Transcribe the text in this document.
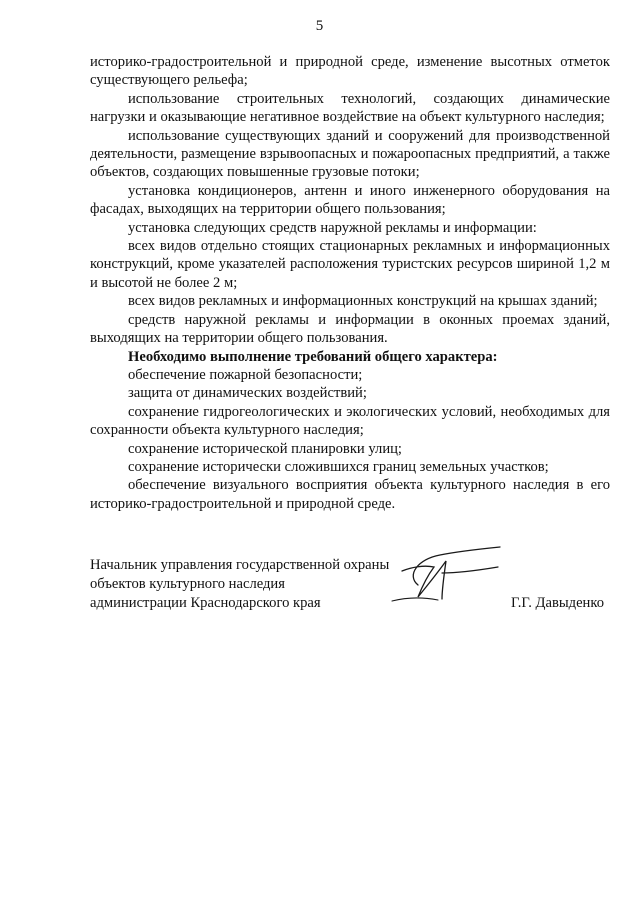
5

историко-градостроительной и природной среде, изменение высотных отметок существующего рельефа;

использование строительных технологий, создающих динамические нагрузки и оказывающие негативное воздействие на объект культурного наследия;

использование существующих зданий и сооружений для производственной деятельности, размещение взрывоопасных и пожароопасных предприятий, а также объектов, создающих повышенные грузовые потоки;

установка кондиционеров, антенн и иного инженерного оборудования на фасадах, выходящих на территории общего пользования;

установка следующих средств наружной рекламы и информации:

всех видов отдельно стоящих стационарных рекламных и информационных конструкций, кроме указателей расположения туристских ресурсов шириной 1,2 м и высотой не более 2 м;

всех видов рекламных и информационных конструкций на крышах зданий;

средств наружной рекламы и информации в оконных проемах зданий, выходящих на территории общего пользования.

Необходимо выполнение требований общего характера:

обеспечение пожарной безопасности;

защита от динамических воздействий;

сохранение гидрогеологических и экологических условий, необходимых для сохранности объекта культурного наследия;

сохранение исторической планировки улиц;

сохранение исторически сложившихся границ земельных участков;

обеспечение визуального восприятия объекта культурного наследия в его историко-градостроительной и природной среде.

Начальник управления государственной охраны

объектов культурного наследия

администрации Краснодарского края	Г.Г. Давыденко
